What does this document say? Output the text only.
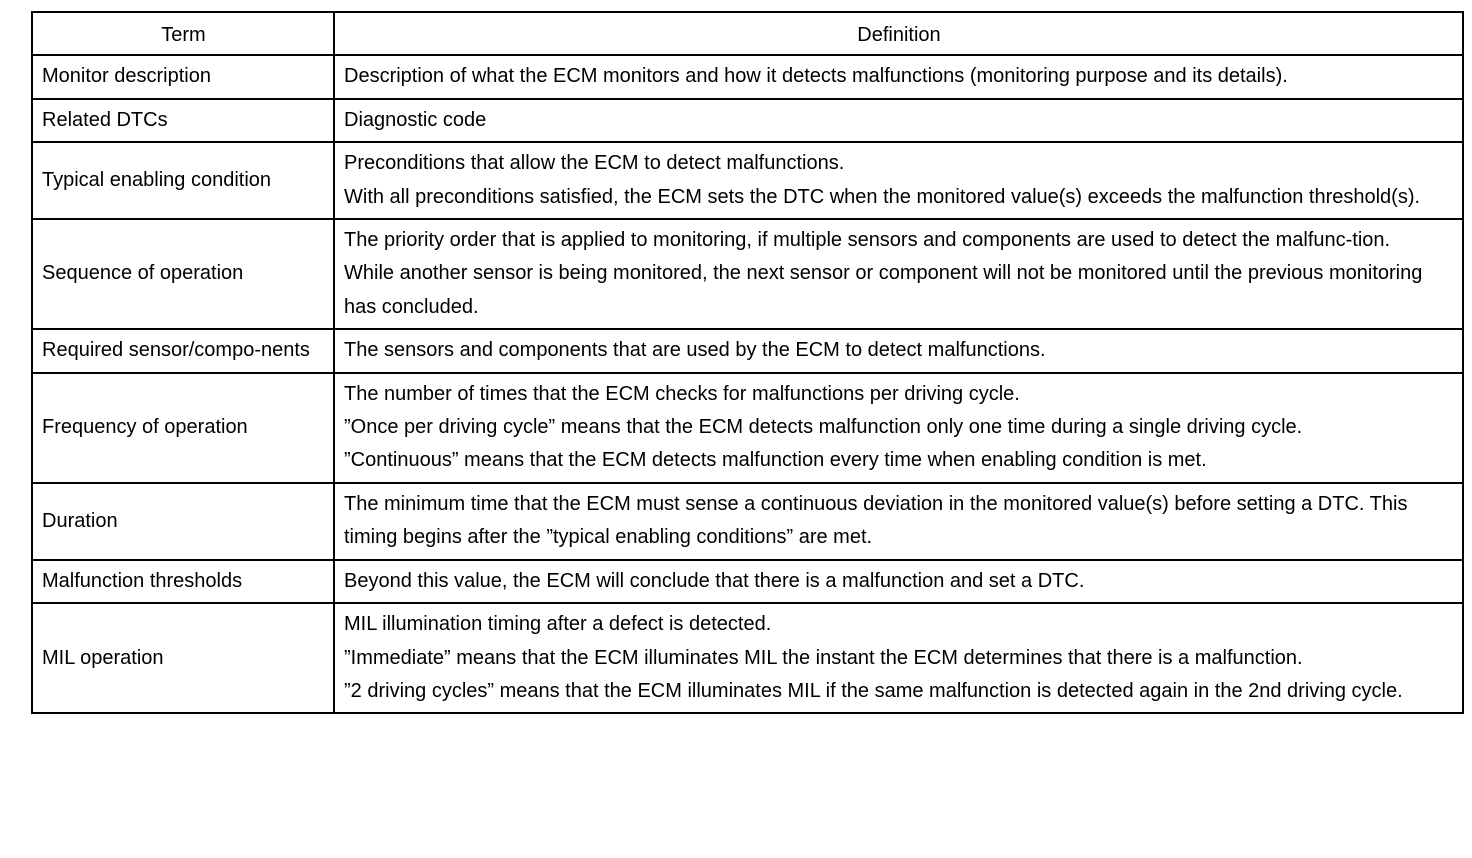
Term	Definition
Monitor description	Description of what the ECM monitors and how it detects malfunctions (monitoring purpose and its details).

Related DTCs	Diagnostic code

Typical enabling condition	Preconditions that allow the ECM to detect malfunctions.
With all preconditions satisfied, the ECM sets the DTC when the monitored value(s) exceeds the malfunction threshold(s).

Sequence of operation	The priority order that is applied to monitoring, if multiple sensors and components are used to detect the malfunc-tion.
While another sensor is being monitored, the next sensor or component will not be monitored until the previous monitoring has concluded.

Required sensor/compo-nents	The sensors and components that are used by the ECM to detect malfunctions.

Frequency of operation	The number of times that the ECM checks for malfunctions per driving cycle.
”Once per driving cycle” means that the ECM detects malfunction only one time during a single driving cycle.
”Continuous” means that the ECM detects malfunction every time when enabling condition is met.

Duration	The minimum time that the ECM must sense a continuous deviation in the monitored value(s) before setting a DTC. This timing begins after the ”typical enabling conditions” are met.

Malfunction thresholds	Beyond this value, the ECM will conclude that there is a malfunction and set a DTC.

MIL operation	MIL illumination timing after a defect is detected.
”Immediate” means that the ECM illuminates MIL the instant the ECM determines that there is a malfunction.
”2 driving cycles” means that the ECM illuminates MIL if the same malfunction is detected again in the 2nd driving cycle.
